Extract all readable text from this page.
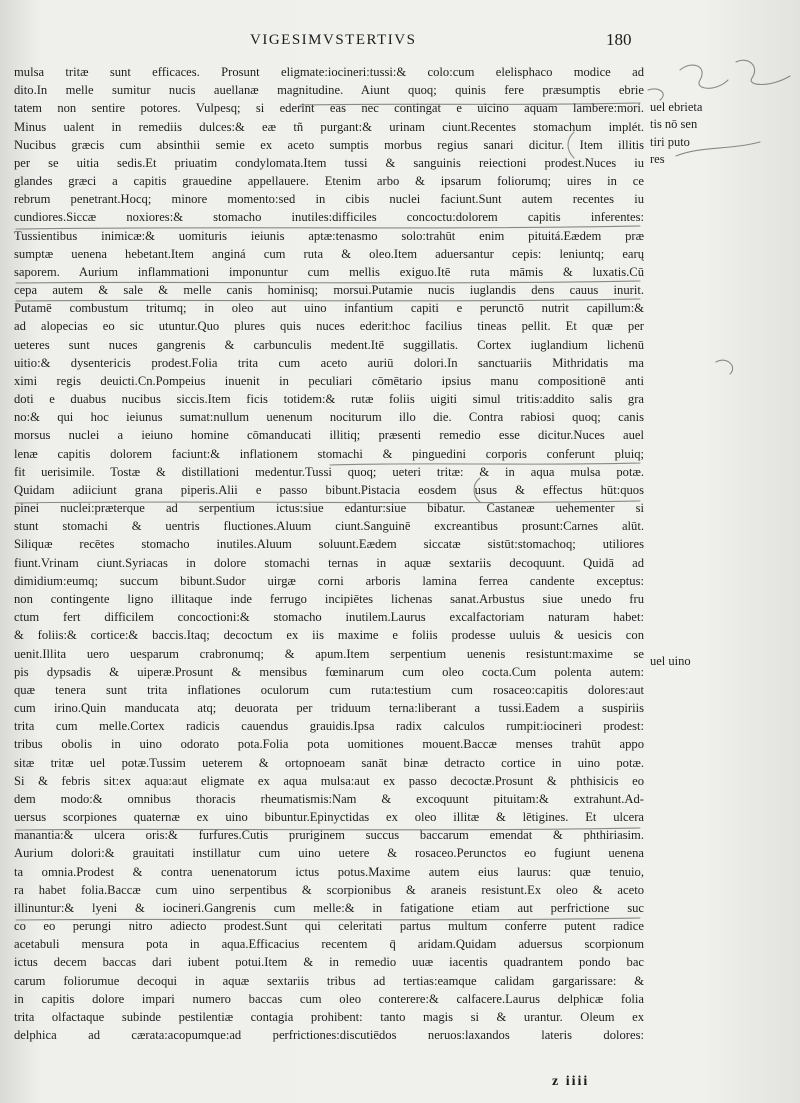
VIGESIMVSTERTIVS	180
mulsa tritæ sunt efficaces. Prosunt eligmate:iocineri:tussi:& colo:cum elelisphaco modice ad
dito.In melle sumitur nucis auellanæ magnitudine. Aiunt quoq; quinis fere præsumptis ebrie
tatem non sentire potores. Vulpesq; si ederint eas nec contingat e uicino aquam lambere:mori.
Minus ualent in remediis dulces:& eæ tñ purgant:& urinam ciunt.Recentes stomachum implét.
Nucibus græcis cum absinthii semie ex aceto sumptis morbus regius sanari dicitur. Item illitis
per se uitia sedis.Et priuatim condylomata.Item tussi & sanguinis reiectioni prodest.Nuces iu
glandes græci a capitis grauedine appellauere. Etenim arbo & ipsarum foliorumq; uires in ce
rebrum penetrant.Hocq; minore momento:sed in cibis nuclei faciunt.Sunt autem recentes iu
cundiores.Siccæ noxiores:& stomacho inutiles:difficiles concoctu:dolorem capitis inferentes:
Tussientibus inimicæ:& uomituris ieiunis aptæ:tenasmo solo:trahūt enim pituitá.Eædem præ
sumptæ uenena hebetant.Item anginá cum ruta & oleo.Item aduersantur cepis: leniuntq; earų
saporem. Aurium inflammationi imponuntur cum mellis exiguo.Itē ruta māmis & luxatis.Cū
cepa autem & sale & melle canis hominisq; morsui.Putamie nucis iuglandis dens cauus inurit.
Putamē combustum tritumq; in oleo aut uino infantium capiti e perunctō nutrit capillum:&
ad alopecias eo sic utuntur.Quo plures quis nuces ederit:hoc facilius tineas pellit. Et quæ per
ueteres sunt nuces gangrenis & carbunculis medent.Itē suggillatis. Cortex iuglandium lichenū
uitio:& dysentericis prodest.Folia trita cum aceto auriū dolori.In sanctuariis Mithridatis ma
ximi regis deuicti.Cn.Pompeius inuenit in peculiari cōmētario ipsius manu compositionē anti
doti e duabus nucibus siccis.Item ficis totidem:& rutæ foliis uigiti simul tritis:addito salis gra
no:& qui hoc ieiunus sumat:nullum uenenum nociturum illo die. Contra rabiosi quoq; canis
morsus nuclei a ieiuno homine cōmanducati illitiq; præsenti remedio esse dicitur.Nuces auel
lenæ capitis dolorem faciunt:& inflationem stomachi & pinguedini corporis conferunt pluiq;
fit uerisimile. Tostæ & distillationi medentur.Tussi quoq; ueteri tritæ: & in aqua mulsa potæ.
Quidam adiiciunt grana piperis.Alii e passo bibunt.Pistacia eosdem usus & effectus hūt:quos
pinei nuclei:præterque ad serpentium ictus:siue edantur:siue bibatur. Castaneæ uehementer si
stunt stomachi & uentris fluctiones.Aluum ciunt.Sanguinē excreantibus prosunt:Carnes alūt.
Siliquæ recētes stomacho inutiles.Aluum soluunt.Eædem siccatæ sistūt:stomachoq; utiliores
fiunt.Vrinam ciunt.Syriacas in dolore stomachi ternas in aquæ sextariis decoquunt. Quidā ad
dimidium:eumq; succum bibunt.Sudor uirgæ corni arboris lamina ferrea candente exceptus:
non contingente ligno illitaque inde ferrugo incipiētes lichenas sanat.Arbustus siue unedo fru
ctum fert difficilem concoctioni:& stomacho inutilem.Laurus excalfactoriam naturam habet:
& foliis:& cortice:& baccis.Itaq; decoctum ex iis maxime e foliis prodesse uuluis & uesicis con
uenit.Illita uero uesparum crabronumq; & apum.Item serpentium uenenis resistunt:maxime se
pis dypsadis & uiperæ.Prosunt & mensibus fœminarum cum oleo cocta.Cum polenta autem:
quæ tenera sunt trita inflationes oculorum cum ruta:testium cum rosaceo:capitis dolores:aut
cum irino.Quin manducata atq; deuorata per triduum terna:liberant a tussi.Eadem a suspiriis
trita cum melle.Cortex radicis cauendus grauidis.Ipsa radix calculos rumpit:iocineri prodest:
tribus obolis in uino odorato pota.Folia pota uomitiones mouent.Baccæ menses trahūt appo
sitæ tritæ uel potæ.Tussim ueterem & ortopnoeam sanāt binæ detracto cortice in uino potæ.
Si & febris sit:ex aqua:aut eligmate ex aqua mulsa:aut ex passo decoctæ.Prosunt & phthisicis eo
dem modo:& omnibus thoracis rheumatismis:Nam & excoquunt pituitam:& extrahunt.Ad-
uersus scorpiones quaternæ ex uino bibuntur.Epinyctidas ex oleo illitæ & lētigines. Et ulcera
manantia:& ulcera oris:& furfures.Cutis pruriginem succus baccarum emendat & phthiriasim.
Aurium dolori:& grauitati instillatur cum uino uetere & rosaceo.Perunctos eo fugiunt uenena
ta omnia.Prodest & contra uenenatorum ictus potus.Maxime autem eius laurus: quæ tenuio,
ra habet folia.Baccæ cum uino serpentibus & scorpionibus & araneis resistunt.Ex oleo & aceto
illinuntur:& lyeni & iocineri.Gangrenis cum melle:& in fatigatione etiam aut perfrictione suc
co eo perungi nitro adiecto prodest.Sunt qui celeritati partus multum conferre putent radice
acetabuli mensura pota in aqua.Efficacius recentem q̄ aridam.Quidam aduersus scorpionum
ictus decem baccas dari iubent potui.Item & in remedio uuæ iacentis quadrantem pondo bac
carum foliorumue decoqui in aquæ sextariis tribus ad tertias:eamque calidam gargarissare: &
in capitis dolore impari numero baccas cum oleo conterere:& calfacere.Laurus delphicæ folia
trita olfactaque subinde pestilentiæ contagia prohibent: tanto magis si & urantur. Oleum ex
delphica ad cærata:acopumque:ad perfrictiones:discutiēdos neruos:laxandos lateris dolores:
z iiii
uel ebrieta
tis nō sen
tiri puto
res
uel uino
